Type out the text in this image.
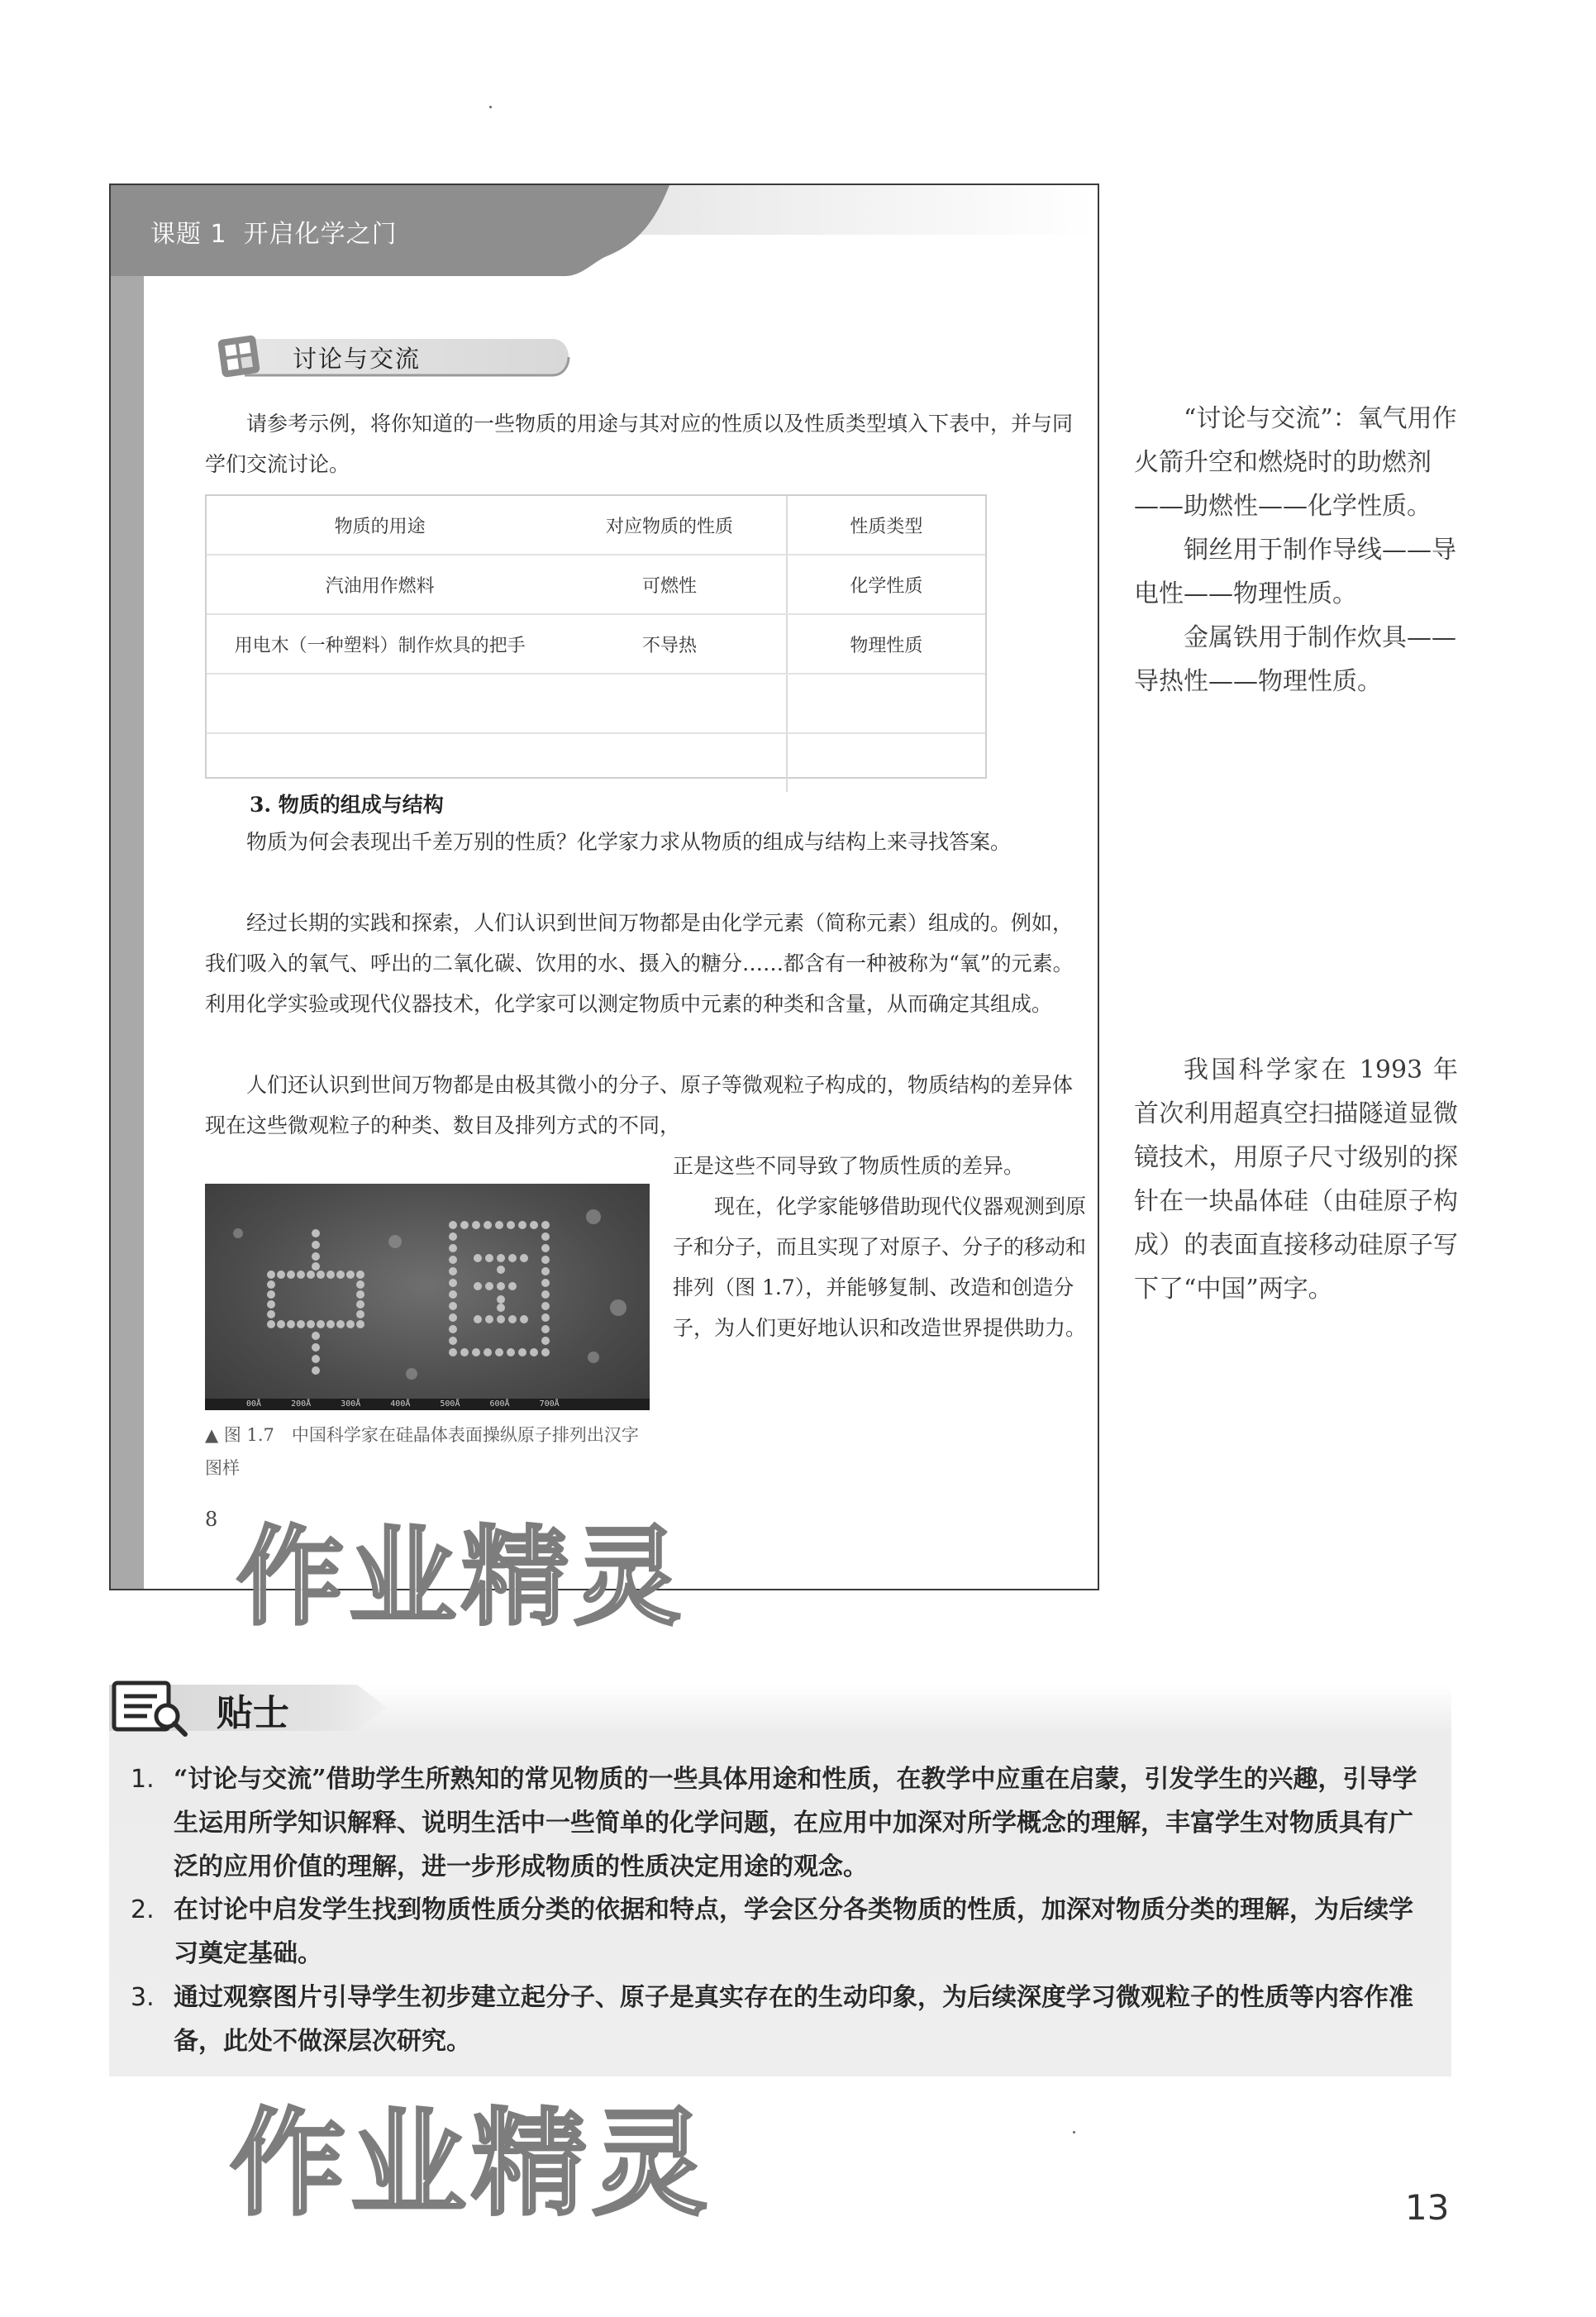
课题 1 开启化学之门
讨论与交流
请参考示例，将你知道的一些物质的用途与其对应的性质以及性质类型填入下表中，并与同学们交流讨论。
物质的用途	对应物质的性质	性质类型
汽油用作燃料	可燃性	化学性质
用电木（一种塑料）制作炊具的把手	不导热	物理性质

3. 物质的组成与结构
物质为何会表现出千差万别的性质？化学家力求从物质的组成与结构上来寻找答案。
经过长期的实践和探索，人们认识到世间万物都是由化学元素（简称元素）组成的。例如，我们吸入的氧气、呼出的二氧化碳、饮用的水、摄入的糖分……都含有一种被称为“氧”的元素。利用化学实验或现代仪器技术，化学家可以测定物质中元素的种类和含量，从而确定其组成。
人们还认识到世间万物都是由极其微小的分子、原子等微观粒子构成的，物质结构的差异体现在这些微观粒子的种类、数目及排列方式的不同，
正是这些不同导致了物质性质的差异。
现在，化学家能够借助现代仪器观测到原子和分子，而且实现了对原子、分子的移动和排列（图 1.7），并能够复制、改造和创造分子，为人们更好地认识和改造世界提供助力。
00Å 200Å 300Å 400Å 500Å 600Å 700Å
▲ 图 1.7　中国科学家在硅晶体表面操纵原子排列出汉字图样
8
“讨论与交流”：氧气用作火箭升空和燃烧时的助燃剂——助燃性——化学性质。
铜丝用于制作导线——导电性——物理性质。
金属铁用于制作炊具——导热性——物理性质。
我国科学家在 1993 年首次利用超真空扫描隧道显微镜技术，用原子尺寸级别的探针在一块晶体硅（由硅原子构成）的表面直接移动硅原子写下了“中国”两字。
作业精灵
贴士
1. “讨论与交流”借助学生所熟知的常见物质的一些具体用途和性质，在教学中应重在启蒙，引发学生的兴趣，引导学生运用所学知识解释、说明生活中一些简单的化学问题，在应用中加深对所学概念的理解，丰富学生对物质具有广泛的应用价值的理解，进一步形成物质的性质决定用途的观念。
2. 在讨论中启发学生找到物质性质分类的依据和特点，学会区分各类物质的性质，加深对物质分类的理解，为后续学习奠定基础。
3. 通过观察图片引导学生初步建立起分子、原子是真实存在的生动印象，为后续深度学习微观粒子的性质等内容作准备，此处不做深层次研究。
作业精灵	13
